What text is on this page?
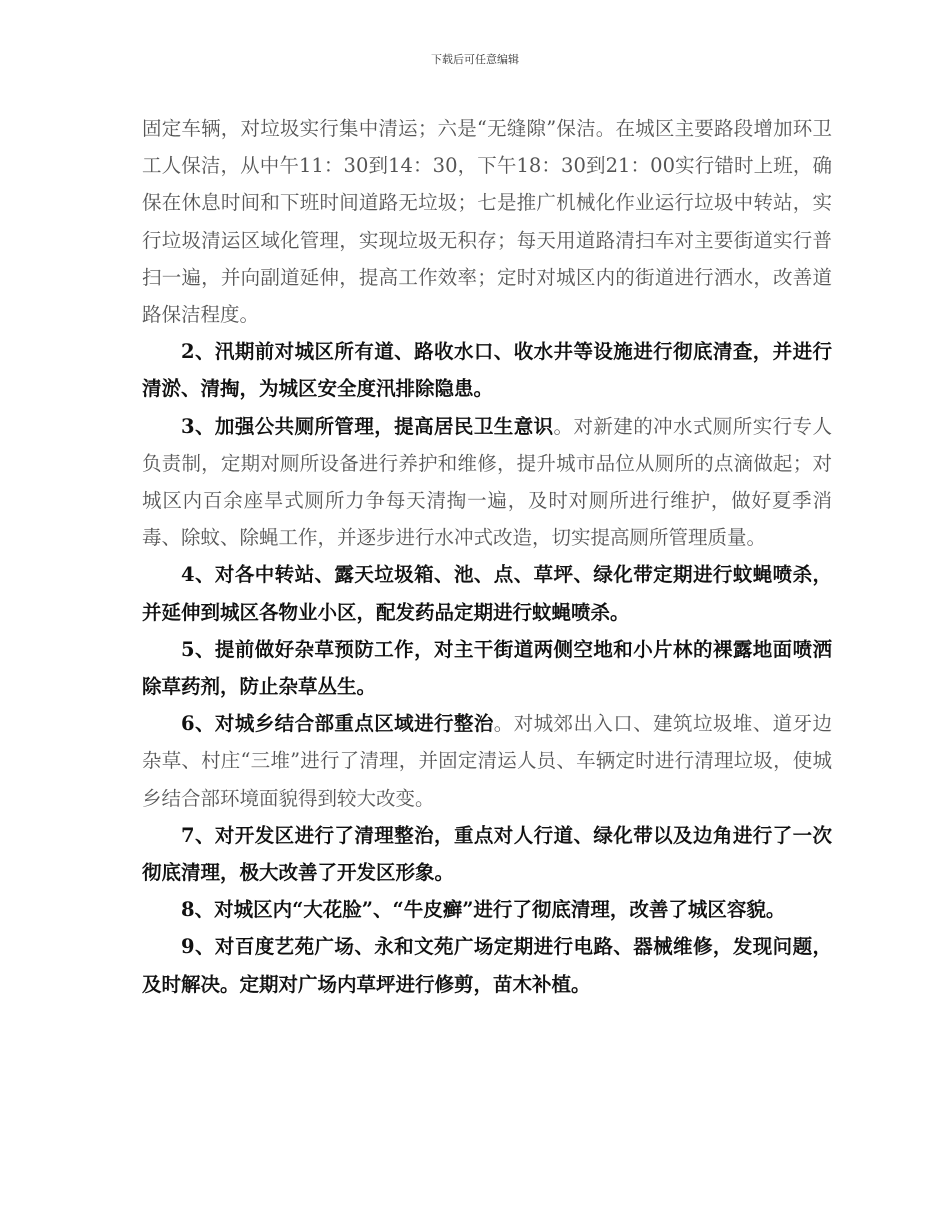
下载后可任意编辑

固定车辆，对垃圾实行集中清运；六是“无缝隙”保洁。在城区主要路段增加环卫工人保洁，从中午11：30到14：30，下午18：30到21：00实行错时上班，确保在休息时间和下班时间道路无垃圾；七是推广机械化作业运行垃圾中转站，实行垃圾清运区域化管理，实现垃圾无积存；每天用道路清扫车对主要街道实行普扫一遍，并向副道延伸，提高工作效率；定时对城区内的街道进行洒水，改善道路保洁程度。

2、汛期前对城区所有道、路收水口、收水井等设施进行彻底清查，并进行清淤、清掏，为城区安全度汛排除隐患。

3、加强公共厕所管理，提高居民卫生意识。对新建的冲水式厕所实行专人负责制，定期对厕所设备进行养护和维修，提升城市品位从厕所的点滴做起；对城区内百余座旱式厕所力争每天清掏一遍，及时对厕所进行维护，做好夏季消毒、除蚊、除蝇工作，并逐步进行水冲式改造，切实提高厕所管理质量。

4、对各中转站、露天垃圾箱、池、点、草坪、绿化带定期进行蚊蝇喷杀，并延伸到城区各物业小区，配发药品定期进行蚊蝇喷杀。

5、提前做好杂草预防工作，对主干街道两侧空地和小片林的裸露地面喷洒除草药剂，防止杂草丛生。

6、对城乡结合部重点区域进行整治。对城郊出入口、建筑垃圾堆、道牙边杂草、村庄“三堆”进行了清理，并固定清运人员、车辆定时进行清理垃圾，使城乡结合部环境面貌得到较大改变。

7、对开发区进行了清理整治，重点对人行道、绿化带以及边角进行了一次彻底清理，极大改善了开发区形象。

8、对城区内“大花脸”、“牛皮癣”进行了彻底清理，改善了城区容貌。

9、对百度艺苑广场、永和文苑广场定期进行电路、器械维修，发现问题，及时解决。定期对广场内草坪进行修剪，苗木补植。
